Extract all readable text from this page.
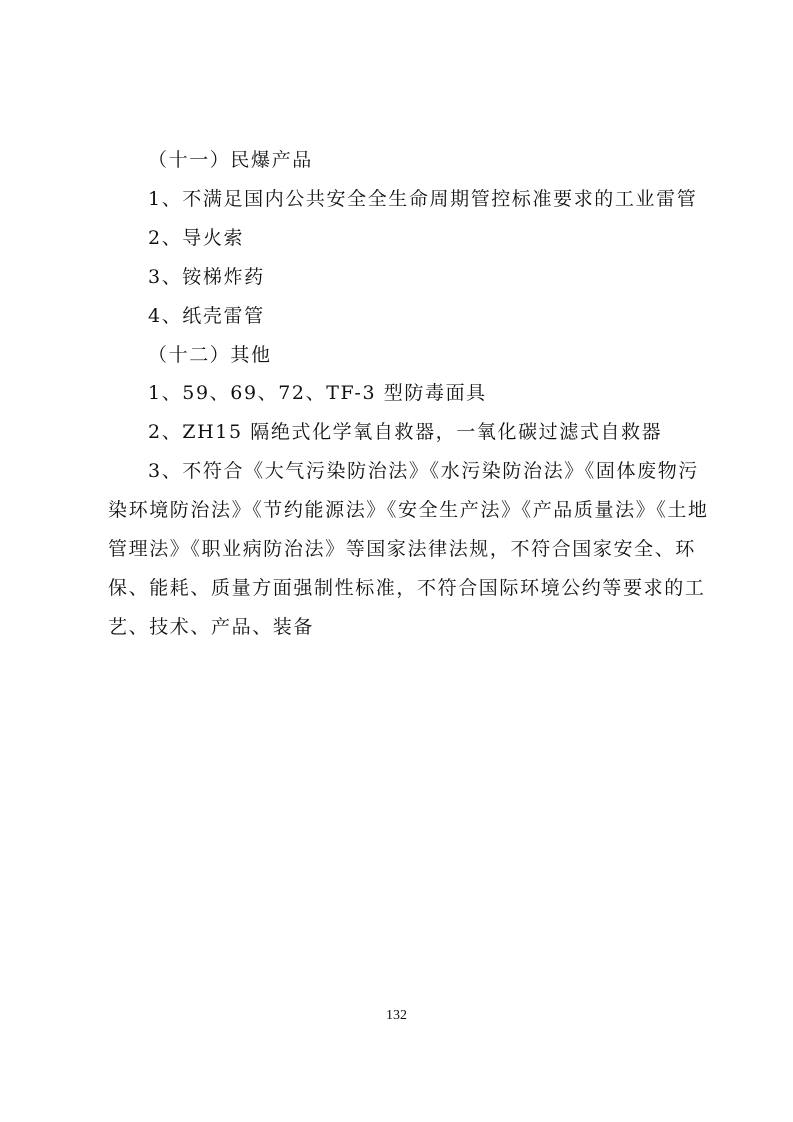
（十一）民爆产品
1、不满足国内公共安全全生命周期管控标准要求的工业雷管
2、导火索
3、铵梯炸药
4、纸壳雷管
（十二）其他
1、59、69、72、TF-3 型防毒面具
2、ZH15 隔绝式化学氧自救器，一氧化碳过滤式自救器
3、不符合《大气污染防治法》《水污染防治法》《固体废物污
染环境防治法》《节约能源法》《安全生产法》《产品质量法》《土地
管理法》《职业病防治法》等国家法律法规，不符合国家安全、环
保、能耗、质量方面强制性标准，不符合国际环境公约等要求的工
艺、技术、产品、装备
132
